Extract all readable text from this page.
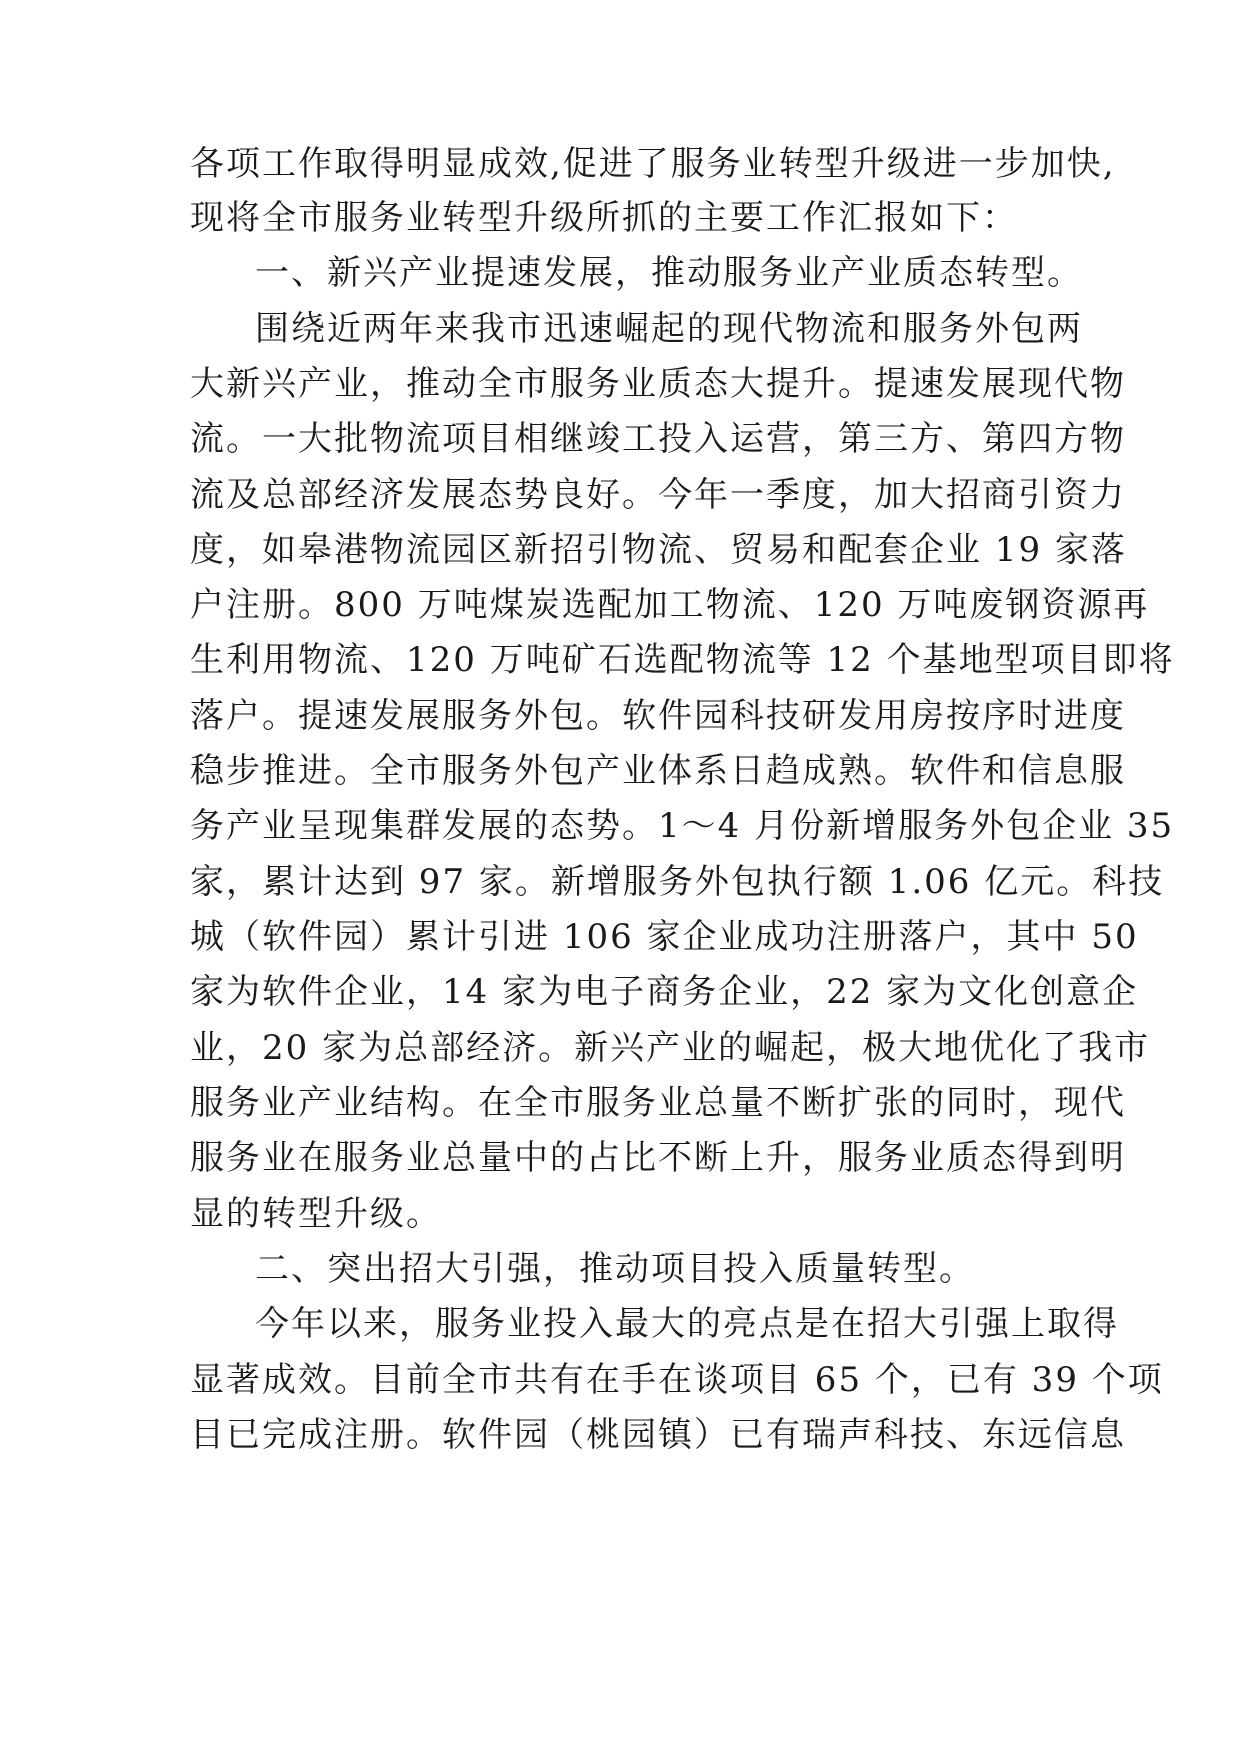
各项工作取得明显成效,促进了服务业转型升级进一步加快,
现将全市服务业转型升级所抓的主要工作汇报如下：
一、新兴产业提速发展，推动服务业产业质态转型。
围绕近两年来我市迅速崛起的现代物流和服务外包两
大新兴产业，推动全市服务业质态大提升。提速发展现代物
流。一大批物流项目相继竣工投入运营，第三方、第四方物
流及总部经济发展态势良好。今年一季度，加大招商引资力
度，如皋港物流园区新招引物流、贸易和配套企业 19 家落
户注册。800 万吨煤炭选配加工物流、120 万吨废钢资源再
生利用物流、120 万吨矿石选配物流等 12 个基地型项目即将
落户。提速发展服务外包。软件园科技研发用房按序时进度
稳步推进。全市服务外包产业体系日趋成熟。软件和信息服
务产业呈现集群发展的态势。1～4 月份新增服务外包企业 35
家，累计达到 97 家。新增服务外包执行额 1.06 亿元。科技
城（软件园）累计引进 106 家企业成功注册落户，其中 50
家为软件企业，14 家为电子商务企业，22 家为文化创意企
业，20 家为总部经济。新兴产业的崛起，极大地优化了我市
服务业产业结构。在全市服务业总量不断扩张的同时，现代
服务业在服务业总量中的占比不断上升，服务业质态得到明
显的转型升级。
二、突出招大引强，推动项目投入质量转型。
今年以来，服务业投入最大的亮点是在招大引强上取得
显著成效。目前全市共有在手在谈项目 65 个，已有 39 个项
目已完成注册。软件园（桃园镇）已有瑞声科技、东远信息
